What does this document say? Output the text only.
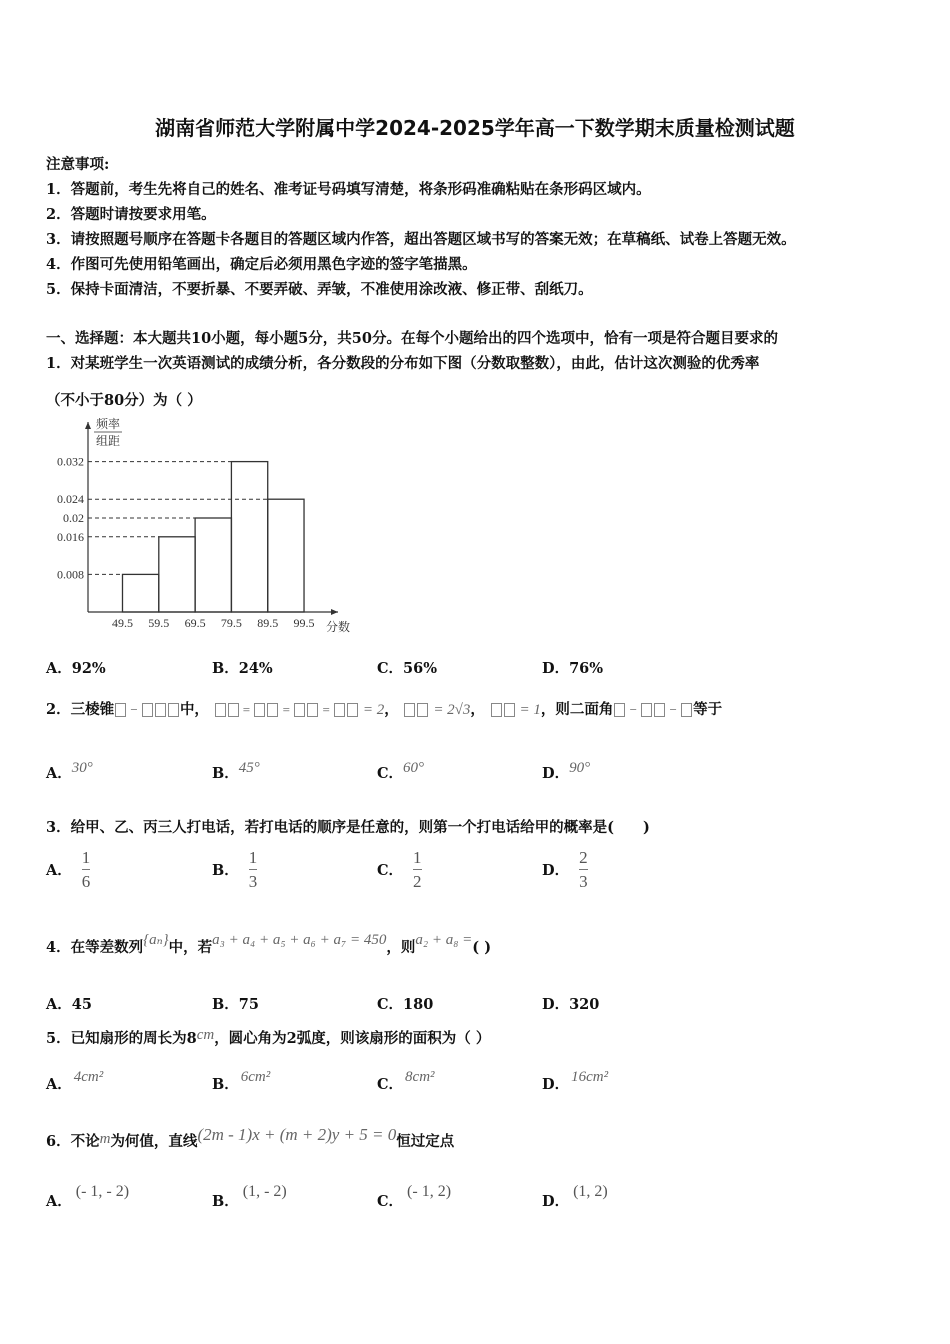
湖南省师范大学附属中学2024-2025学年高一下数学期末质量检测试题
注意事项:
1．答题前，考生先将自己的姓名、准考证号码填写清楚，将条形码准确粘贴在条形码区域内。
2．答题时请按要求用笔。
3．请按照题号顺序在答题卡各题目的答题区域内作答，超出答题区域书写的答案无效；在草稿纸、试卷上答题无效。
4．作图可先使用铅笔画出，确定后必须用黑色字迹的签字笔描黑。
5．保持卡面清洁，不要折暴、不要弄破、弄皱，不准使用涂改液、修正带、刮纸刀。
一、选择题：本大题共10小题，每小题5分，共50分。在每个小题给出的四个选项中，恰有一项是符合题目要求的
1．对某班学生一次英语测试的成绩分析，各分数段的分布如下图（分数取整数），由此，估计这次测验的优秀率
（不小于80分）为（ ）
0.008
0.016
0.02
0.024
0.032
49.5 59.5 69.5 79.5 89.5 99.5 分数
频率
组距
A．92%	B．24%	C．56%	D．76%
2．三棱锥 −	中，  =  =  =  = 2， = 2√3， = 1，则二面角 −  − 等于
A．30°	B．45°	C．60°	D．90°
3．给甲、乙、丙三人打电话，若打电话的顺序是任意的，则第一个打电话给甲的概率是(　　)
A． $\frac{1}{6}$	B． $\frac{1}{3}$	C． $\frac{1}{2}$	D． $\frac{2}{3}$
4．在等差数列{aₙ}中，若a₃ + a₄ + a₅ + a₆ + a₇ = 450，则a₂ + a₈ =( )
A．45	B．75	C．180	D．320
5．已知扇形的周长为8cm，圆心角为2弧度，则该扇形的面积为（ ）
A． 4cm²	B． 6cm²	C． 8cm²	D． 16cm²
6．不论m为何值，直线(2m - 1)x + (m + 2)y + 5 = 0恒过定点
A．(- 1, - 2)
B．(1, - 2)
C．(- 1, 2)
D．(1, 2)
